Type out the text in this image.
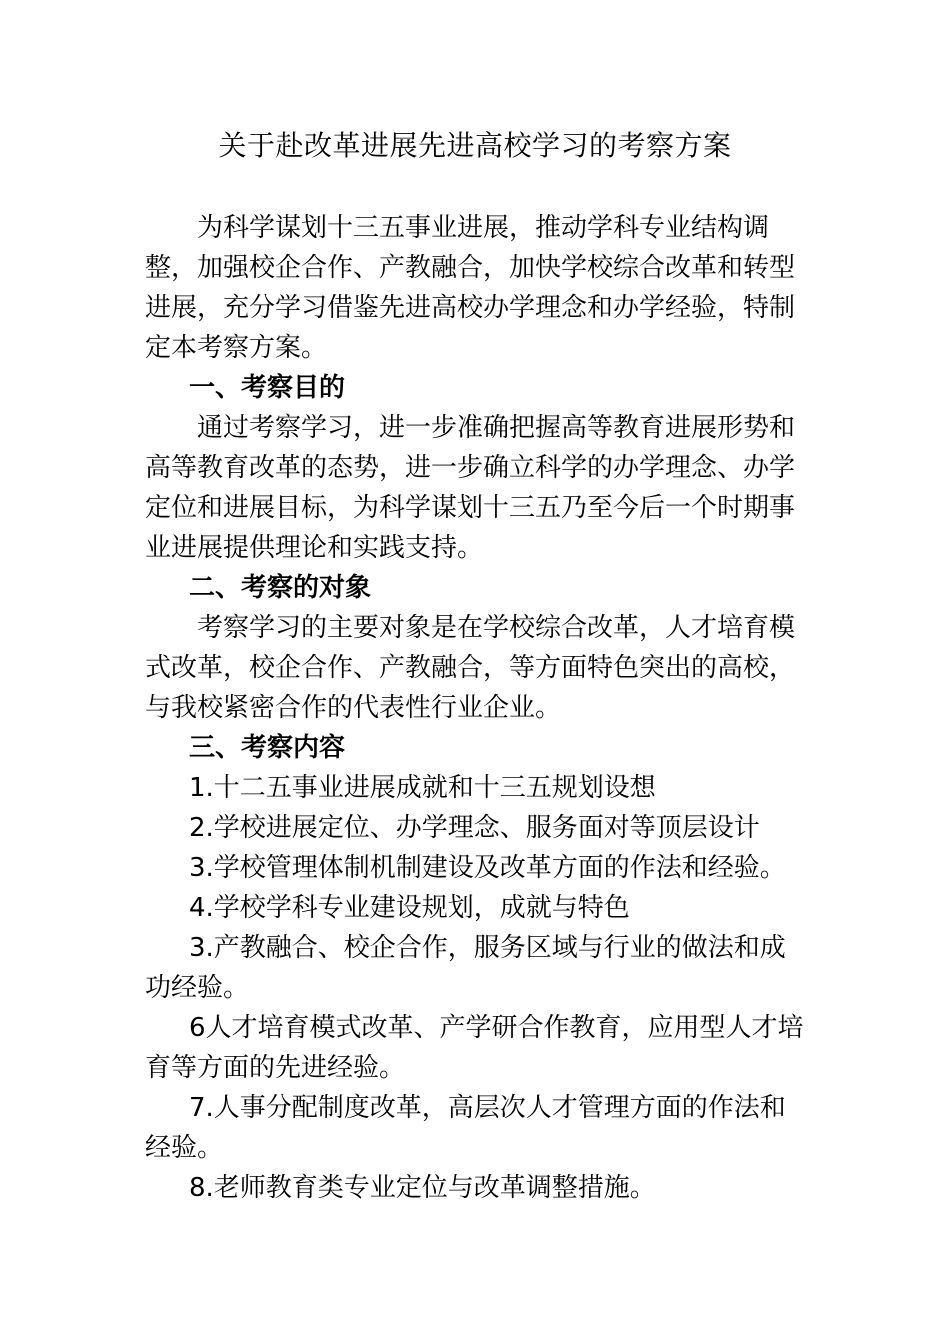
关于赴改革进展先进高校学习的考察方案

为科学谋划十三五事业进展，推动学科专业结构调整，加强校企合作、产教融合，加快学校综合改革和转型进展，充分学习借鉴先进高校办学理念和办学经验，特制定本考察方案。

一、考察目的

通过考察学习，进一步准确把握高等教育进展形势和高等教育改革的态势，进一步确立科学的办学理念、办学定位和进展目标，为科学谋划十三五乃至今后一个时期事业进展提供理论和实践支持。

二、考察的对象

考察学习的主要对象是在学校综合改革，人才培育模式改革，校企合作、产教融合，等方面特色突出的高校，与我校紧密合作的代表性行业企业。

三、考察内容

1.十二五事业进展成就和十三五规划设想

2.学校进展定位、办学理念、服务面对等顶层设计

3.学校管理体制机制建设及改革方面的作法和经验。

4.学校学科专业建设规划，成就与特色

3.产教融合、校企合作，服务区域与行业的做法和成功经验。

6人才培育模式改革、产学研合作教育，应用型人才培育等方面的先进经验。

7.人事分配制度改革，高层次人才管理方面的作法和经验。

8.老师教育类专业定位与改革调整措施。
